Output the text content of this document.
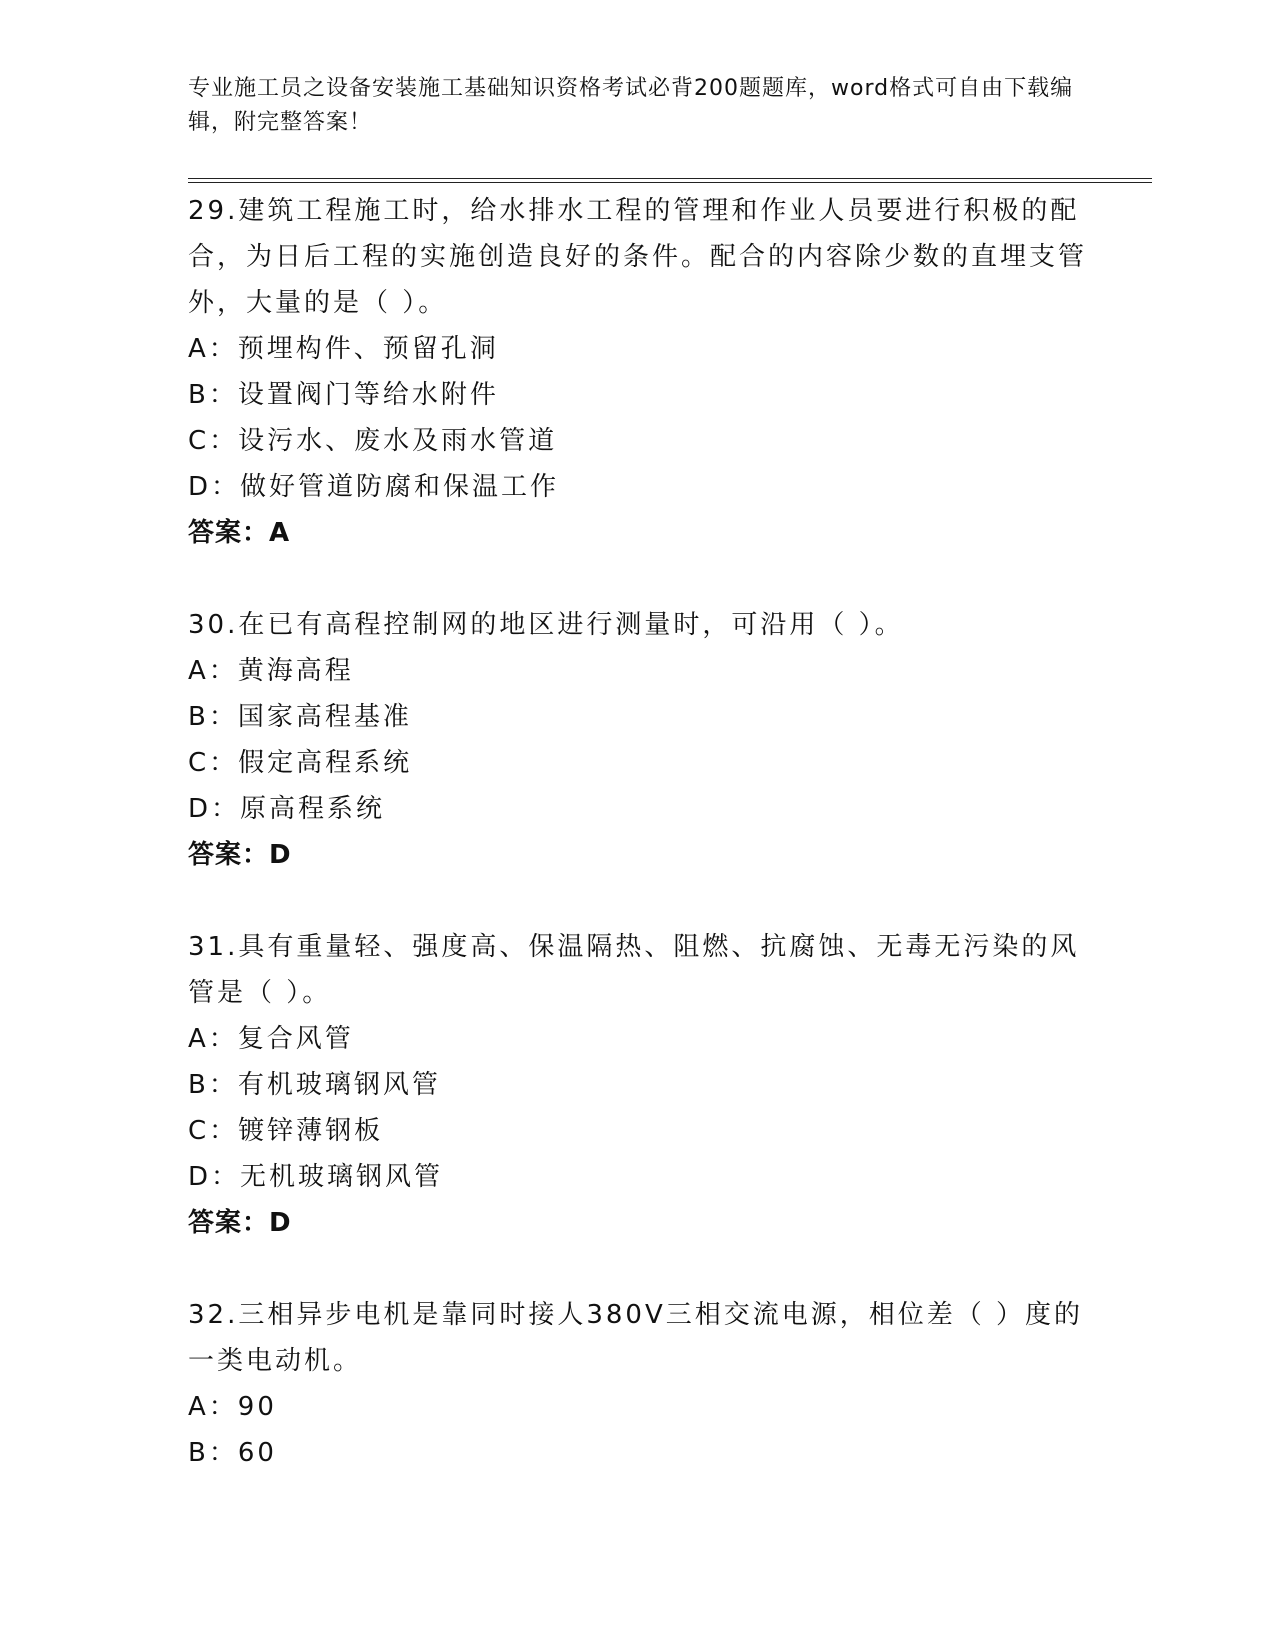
专业施工员之设备安装施工基础知识资格考试必背200题题库，word格式可自由下载编辑，附完整答案！
29.建筑工程施工时，给水排水工程的管理和作业人员要进行积极的配合，为日后工程的实施创造良好的条件。配合的内容除少数的直埋支管外，大量的是（ ）。
A：预埋构件、预留孔洞
B：设置阀门等给水附件
C：设污水、废水及雨水管道
D：做好管道防腐和保温工作
答案：A
30.在已有高程控制网的地区进行测量时，可沿用（ ）。
A：黄海高程
B：国家高程基准
C：假定高程系统
D：原高程系统
答案：D
31.具有重量轻、强度高、保温隔热、阻燃、抗腐蚀、无毒无污染的风管是（ ）。
A：复合风管
B：有机玻璃钢风管
C：镀锌薄钢板
D：无机玻璃钢风管
答案：D
32.三相异步电机是靠同时接人380V三相交流电源，相位差（ ）度的一类电动机。
A：90
B：60
